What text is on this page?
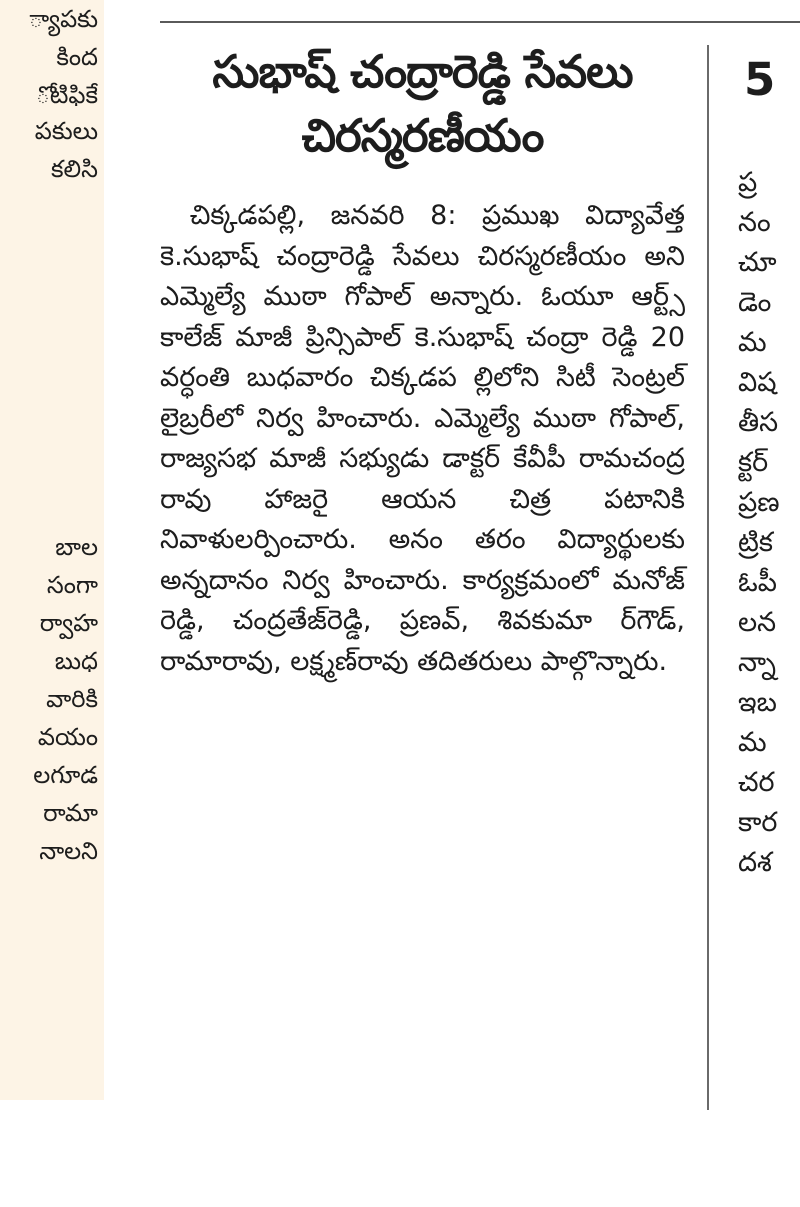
్యాపకు
కింద
ోటిఫికే
పకులు
కలిసి
బాల
సంగా
ర్వాహ
బుధ
వారికి
వయం
లగూడ
రామా
నాలని
సుభాష్ చంద్రారెడ్డి సేవలు
చిరస్మరణీయం

చిక్కడపల్లి, జనవరి 8: ప్రముఖ విద్యావేత్త కె.సుభాష్ చంద్రారెడ్డి సేవలు చిరస్మరణీయం అని ఎమ్మెల్యే ముఠా గోపాల్ అన్నారు. ఓయూ ఆర్ట్స్ కాలేజ్ మాజీ ప్రిన్సిపాల్ కె.సుభాష్ చంద్రా రెడ్డి 20 వర్ధంతి బుధవారం చిక్కడప ల్లిలోని సిటీ సెంట్రల్ లైబ్రరీలో నిర్వ హించారు. ఎమ్మెల్యే ముఠా గోపాల్, రాజ్యసభ మాజీ సభ్యుడు డాక్టర్ కేవీపీ రామచంద్ర రావు హాజరై ఆయన చిత్ర పటానికి నివాళులర్పించారు. అనం తరం విద్యార్థులకు అన్నదానం నిర్వ హించారు. కార్యక్రమంలో మనోజ్ రెడ్డి, చంద్రతేజ్‌రెడ్డి, ప్రణవ్, శివకుమా ర్‌గౌడ్, రామారావు, లక్ష్మణ్‌రావు తదితరులు పాల్గొన్నారు.

5
ప్ర
నం
చూ
డెం
మ
విష
తీస
క్టర్
ప్రణ
ట్రిక
ఓపీ
లన
న్నా
ఇబ
మ
చర
కార
దశ
